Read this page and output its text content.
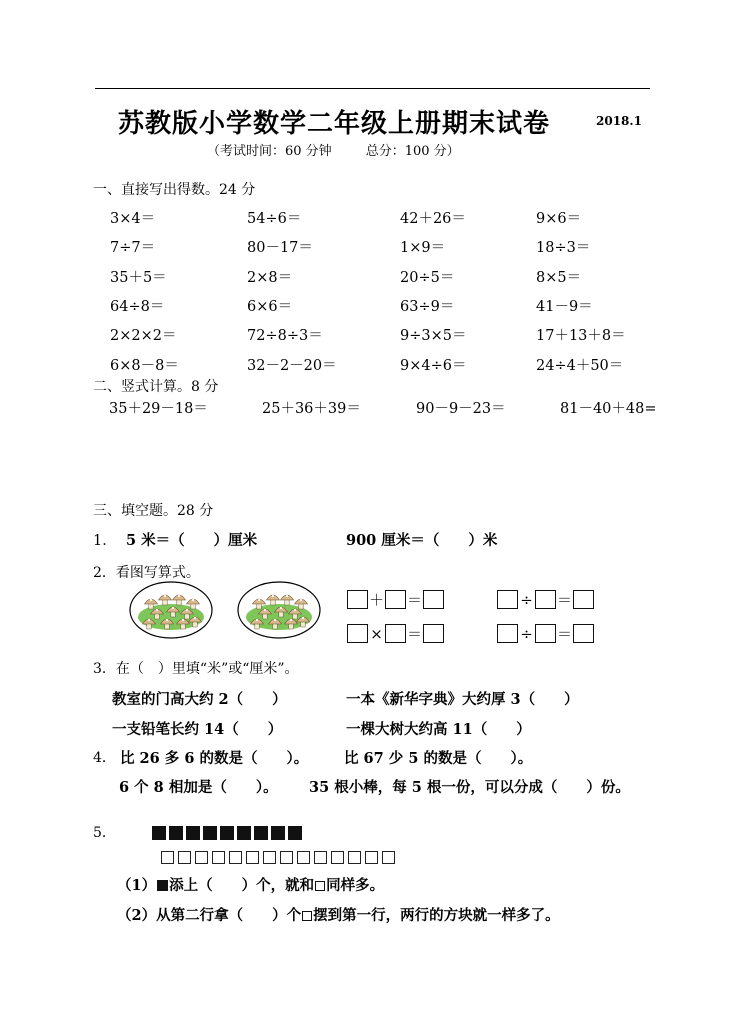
苏教版小学数学二年级上册期末试卷	2018.1
（考试时间：60 分钟	总分：100 分）
一、直接写出得数。24 分
3×4＝	54÷6＝	42＋26＝	9×6＝
7÷7＝	80－17＝	1×9＝	18÷3＝
35＋5＝	2×8＝	20÷5＝	8×5＝
64÷8＝	6×6＝	63÷9＝	41－9＝
2×2×2＝	72÷8÷3＝	9÷3×5＝	17＋13＋8＝
6×8－8＝	32－2－20＝	9×4÷6＝	24÷4＋50＝
二、竖式计算。8 分
35＋29－18＝	25＋36＋39＝	90－9－23＝	81－40＋48=
三、填空题。28 分
1． 5 米＝（　　）厘米	900 厘米＝（　　）米
2．看图写算式。
＋ ＝	÷ ＝
× ＝	÷ ＝
3．在（　）里填“米”或“厘米”。
教室的门高大约 2（　　）	一本《新华字典》大约厚 3（　　）
一支铅笔长约 14（　　）	一棵大树大约高 11（　　）
4． 比 26 多 6 的数是（　　）。 比 67 少 5 的数是（　　）。
6 个 8 相加是（　　）。 35 根小棒，每 5 根一份，可以分成（　　）份。
5．
（1） 添上（　　）个，就和 同样多。
（2）从第二行拿（　　）个 摆到第一行，两行的方块就一样多了。
